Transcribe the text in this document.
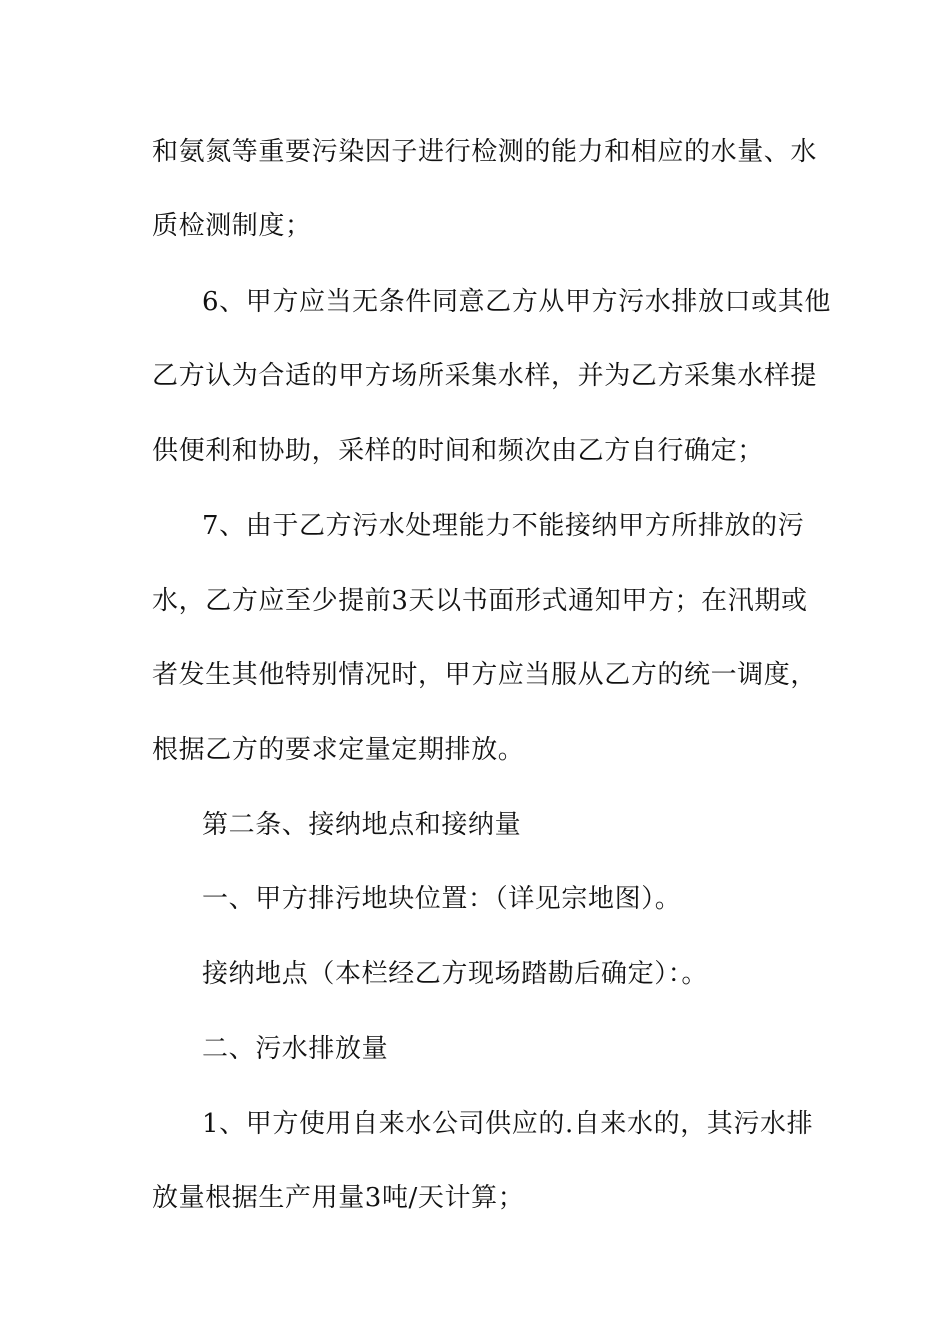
和氨氮等重要污染因子进行检测的能力和相应的水量、水
质检测制度；
6、甲方应当无条件同意乙方从甲方污水排放口或其他
乙方认为合适的甲方场所采集水样，并为乙方采集水样提
供便利和协助，采样的时间和频次由乙方自行确定；
7、由于乙方污水处理能力不能接纳甲方所排放的污
水，乙方应至少提前3天以书面形式通知甲方；在汛期或
者发生其他特别情况时，甲方应当服从乙方的统一调度，
根据乙方的要求定量定期排放。
第二条、接纳地点和接纳量
一、甲方排污地块位置：（详见宗地图）。
接纳地点（本栏经乙方现场踏勘后确定）：。
二、污水排放量
1、甲方使用自来水公司供应的.自来水的，其污水排
放量根据生产用量3吨/天计算；
